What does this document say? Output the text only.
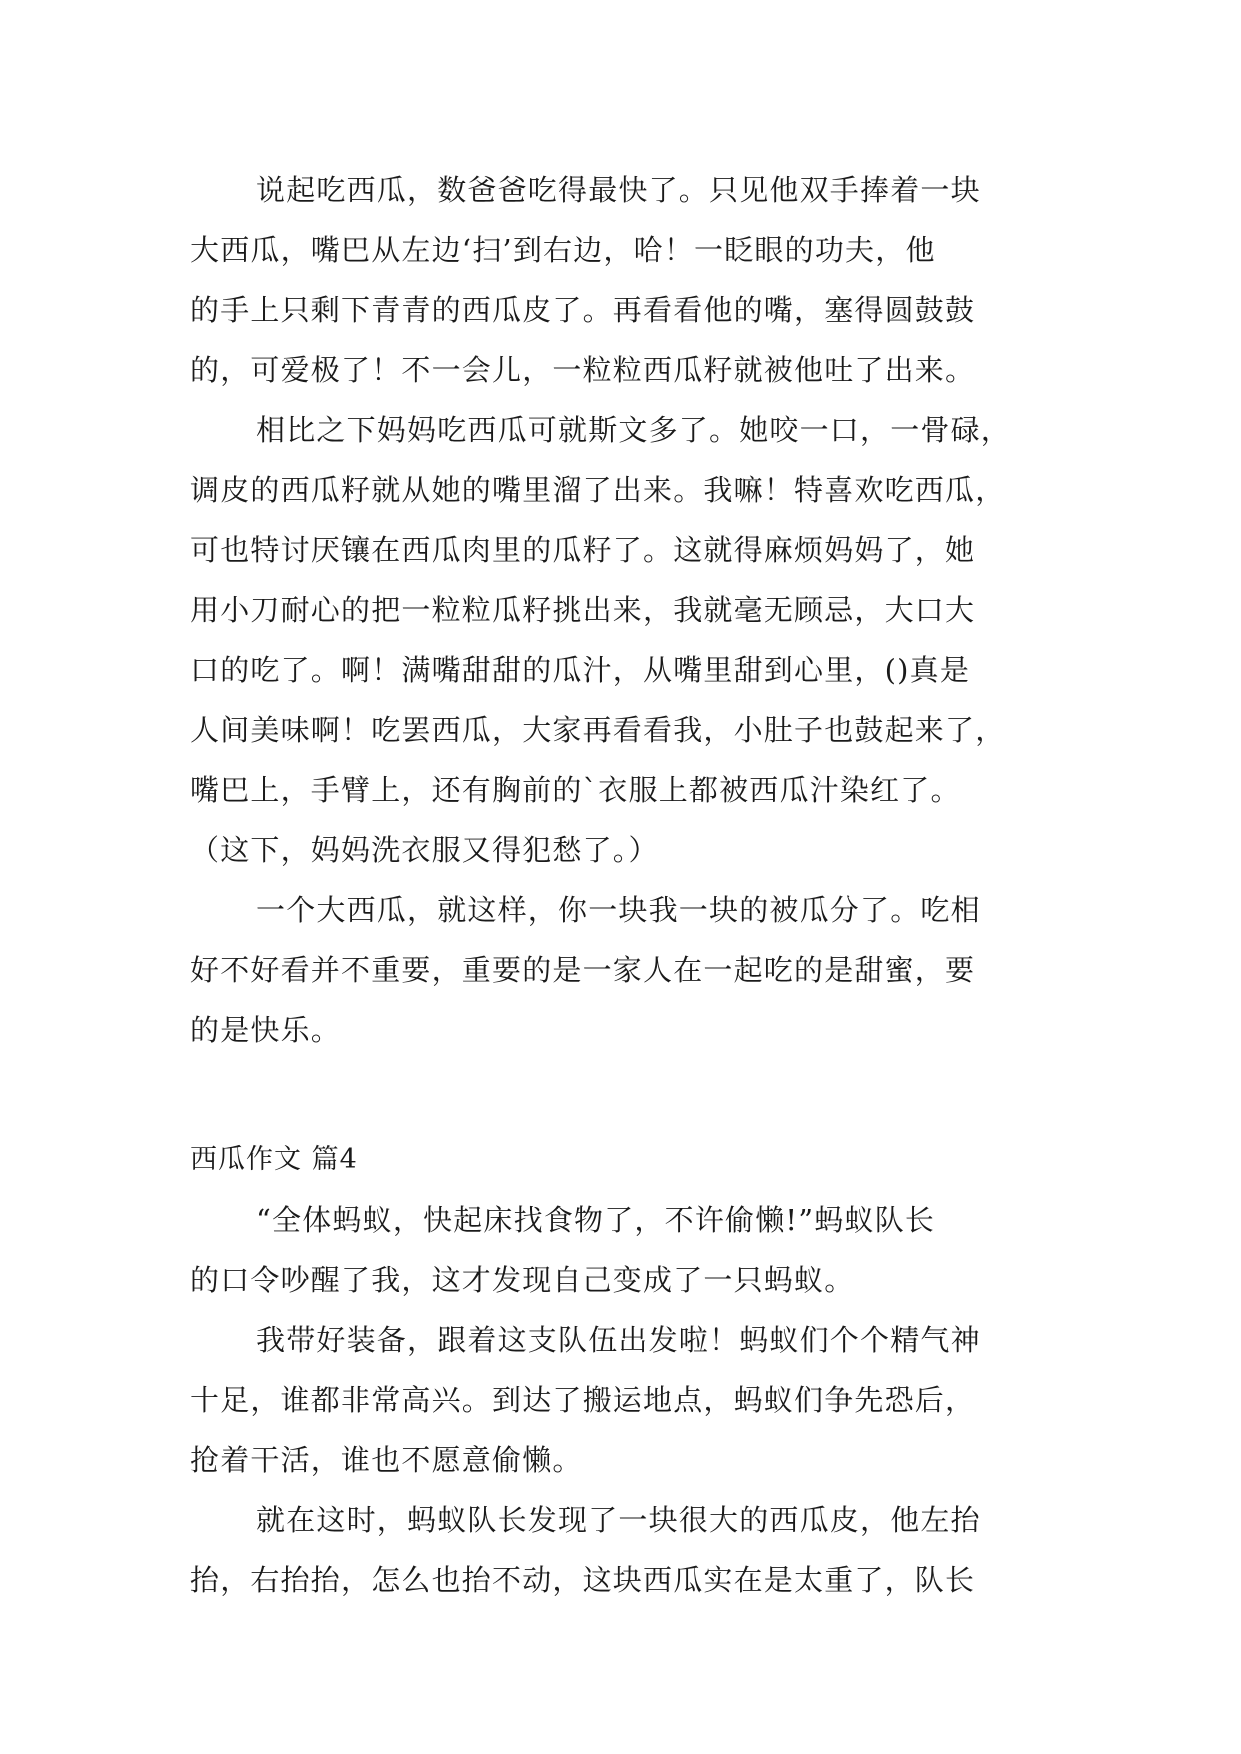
说起吃西瓜，数爸爸吃得最快了。只见他双手捧着一块
大西瓜，嘴巴从左边‘扫’到右边，哈！一眨眼的功夫，他
的手上只剩下青青的西瓜皮了。再看看他的嘴，塞得圆鼓鼓
的，可爱极了！不一会儿，一粒粒西瓜籽就被他吐了出来。
相比之下妈妈吃西瓜可就斯文多了。她咬一口，一骨碌，
调皮的西瓜籽就从她的嘴里溜了出来。我嘛！特喜欢吃西瓜，
可也特讨厌镶在西瓜肉里的瓜籽了。这就得麻烦妈妈了，她
用小刀耐心的把一粒粒瓜籽挑出来，我就毫无顾忌，大口大
口的吃了。啊！满嘴甜甜的瓜汁，从嘴里甜到心里，()真是
人间美味啊！吃罢西瓜，大家再看看我，小肚子也鼓起来了，
嘴巴上，手臂上，还有胸前的`衣服上都被西瓜汁染红了。
（这下，妈妈洗衣服又得犯愁了。）
一个大西瓜，就这样，你一块我一块的被瓜分了。吃相
好不好看并不重要，重要的是一家人在一起吃的是甜蜜，要
的是快乐。
西瓜作文 篇4
“全体蚂蚁，快起床找食物了，不许偷懒!”蚂蚁队长
的口令吵醒了我，这才发现自己变成了一只蚂蚁。
我带好装备，跟着这支队伍出发啦！蚂蚁们个个精气神
十足，谁都非常高兴。到达了搬运地点，蚂蚁们争先恐后，
抢着干活，谁也不愿意偷懒。
就在这时，蚂蚁队长发现了一块很大的西瓜皮，他左抬
抬，右抬抬，怎么也抬不动，这块西瓜实在是太重了，队长
